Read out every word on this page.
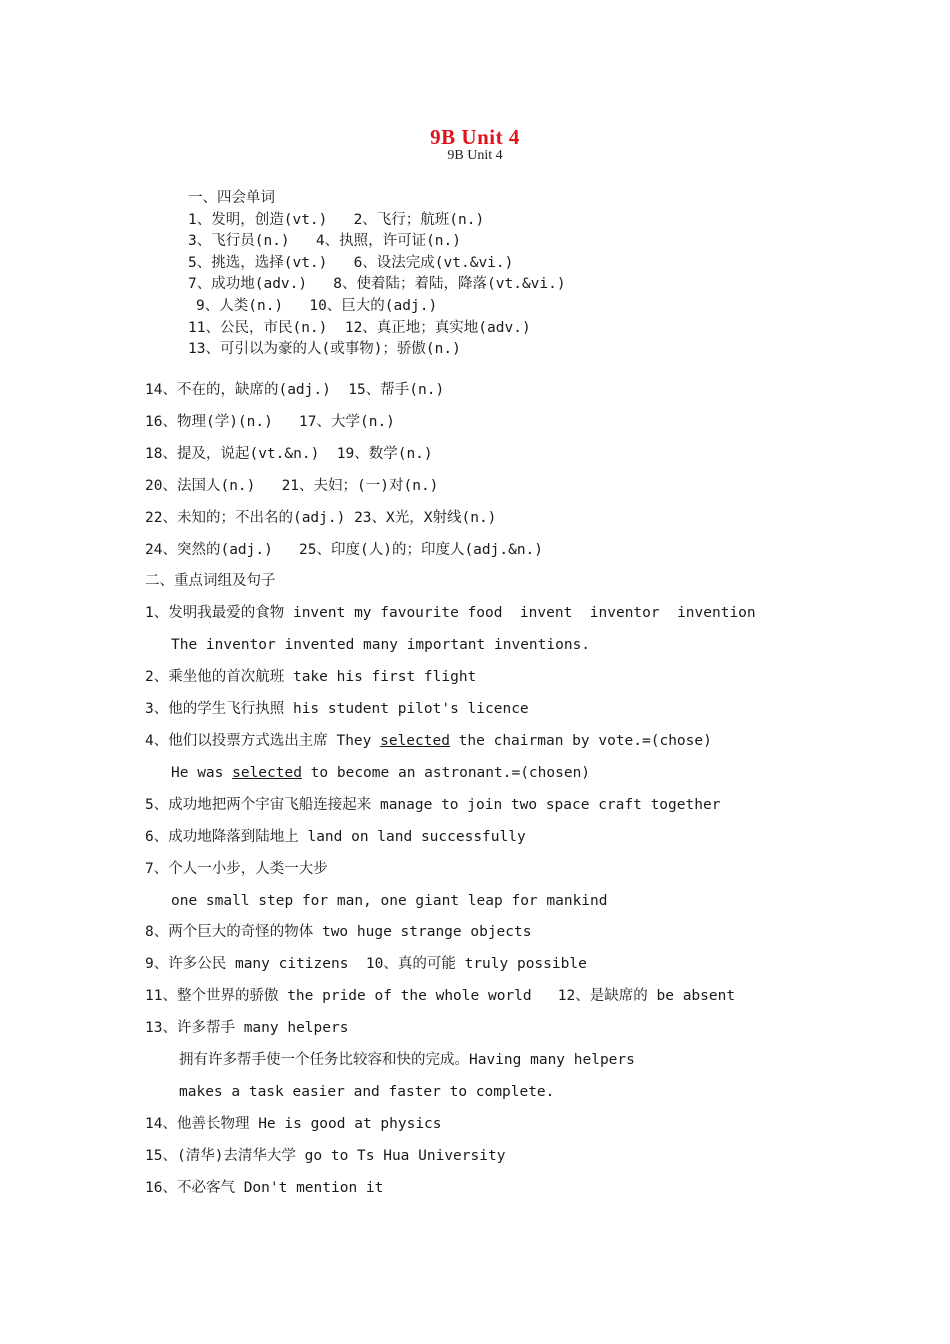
9B Unit 4
9B Unit 4
一、四会单词
1、发明，创造(vt.)   2、飞行；航班(n.)
3、飞行员(n.)   4、执照，许可证(n.)
5、挑选，选择(vt.)   6、设法完成(vt.&vi.)
7、成功地(adv.)   8、使着陆；着陆，降落(vt.&vi.)
9、人类(n.)   10、巨大的(adj.)
11、公民，市民(n.)  12、真正地；真实地(adv.)
13、可引以为豪的人(或事物)；骄傲(n.)
14、不在的，缺席的(adj.)  15、帮手(n.)
16、物理(学)(n.)   17、大学(n.)
18、提及，说起(vt.&n.)  19、数学(n.)
20、法国人(n.)   21、夫妇；(一)对(n.)
22、未知的；不出名的(adj.) 23、X光，X射线(n.)
24、突然的(adj.)   25、印度(人)的；印度人(adj.&n.)
二、重点词组及句子
1、发明我最爱的食物 invent my favourite food  invent  inventor  invention
The inventor invented many important inventions.
2、乘坐他的首次航班 take his first flight
3、他的学生飞行执照 his student pilot's licence
4、他们以投票方式选出主席 They selected the chairman by vote.=(chose)
He was selected to become an astronant.=(chosen)
5、成功地把两个宇宙飞船连接起来 manage to join two space craft together
6、成功地降落到陆地上 land on land successfully
7、个人一小步，人类一大步
one small step for man, one giant leap for mankind
8、两个巨大的奇怪的物体 two huge strange objects
9、许多公民 many citizens  10、真的可能 truly possible
11、整个世界的骄傲 the pride of the whole world   12、是缺席的 be absent
13、许多帮手 many helpers
拥有许多帮手使一个任务比较容和快的完成。Having many helpers
makes a task easier and faster to complete.
14、他善长物理 He is good at physics
15、(清华)去清华大学 go to Ts Hua University
16、不必客气 Don't mention it
